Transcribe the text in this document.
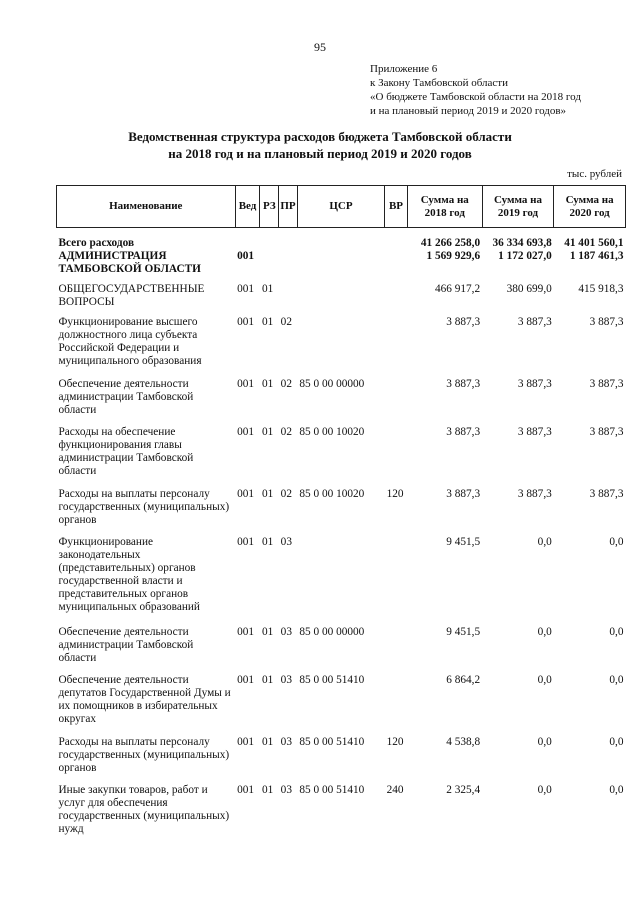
95
Приложение 6
к Закону Тамбовской области
«О бюджете Тамбовской области на 2018 год
и на плановый период 2019 и 2020 годов»
Ведомственная структура расходов бюджета Тамбовской области
на 2018 год и на плановый период 2019 и 2020 годов
тыс. рублей
Наименование	Вед	РЗ	ПР	ЦСР	ВР	Сумма на 2018 год	Сумма на 2019 год	Сумма на 2020 год
Всего расходов						41 266 258,0	36 334 693,8	41 401 560,1
АДМИНИСТРАЦИЯ ТАМБОВСКОЙ ОБЛАСТИ	001					1 569 929,6	1 172 027,0	1 187 461,3
ОБЩЕГОСУДАРСТВЕННЫЕ ВОПРОСЫ	001	01				466 917,2	380 699,0	415 918,3
Функционирование высшего должностного лица субъекта Российской Федерации и муниципального образования	001	01	02			3 887,3	3 887,3	3 887,3
Обеспечение деятельности администрации Тамбовской области	001	01	02	85 0 00 00000		3 887,3	3 887,3	3 887,3
Расходы на обеспечение функционирования главы администрации Тамбовской области	001	01	02	85 0 00 10020		3 887,3	3 887,3	3 887,3
Расходы на выплаты персоналу государственных (муниципальных) органов	001	01	02	85 0 00 10020	120	3 887,3	3 887,3	3 887,3
Функционирование законодательных (представительных) органов государственной власти и представительных органов муниципальных образований	001	01	03			9 451,5	0,0	0,0
Обеспечение деятельности администрации Тамбовской области	001	01	03	85 0 00 00000		9 451,5	0,0	0,0
Обеспечение деятельности депутатов Государственной Думы и их помощников в избирательных округах	001	01	03	85 0 00 51410		6 864,2	0,0	0,0
Расходы на выплаты персоналу государственных (муниципальных) органов	001	01	03	85 0 00 51410	120	4 538,8	0,0	0,0
Иные закупки товаров, работ и услуг для обеспечения государственных (муниципальных) нужд	001	01	03	85 0 00 51410	240	2 325,4	0,0	0,0
